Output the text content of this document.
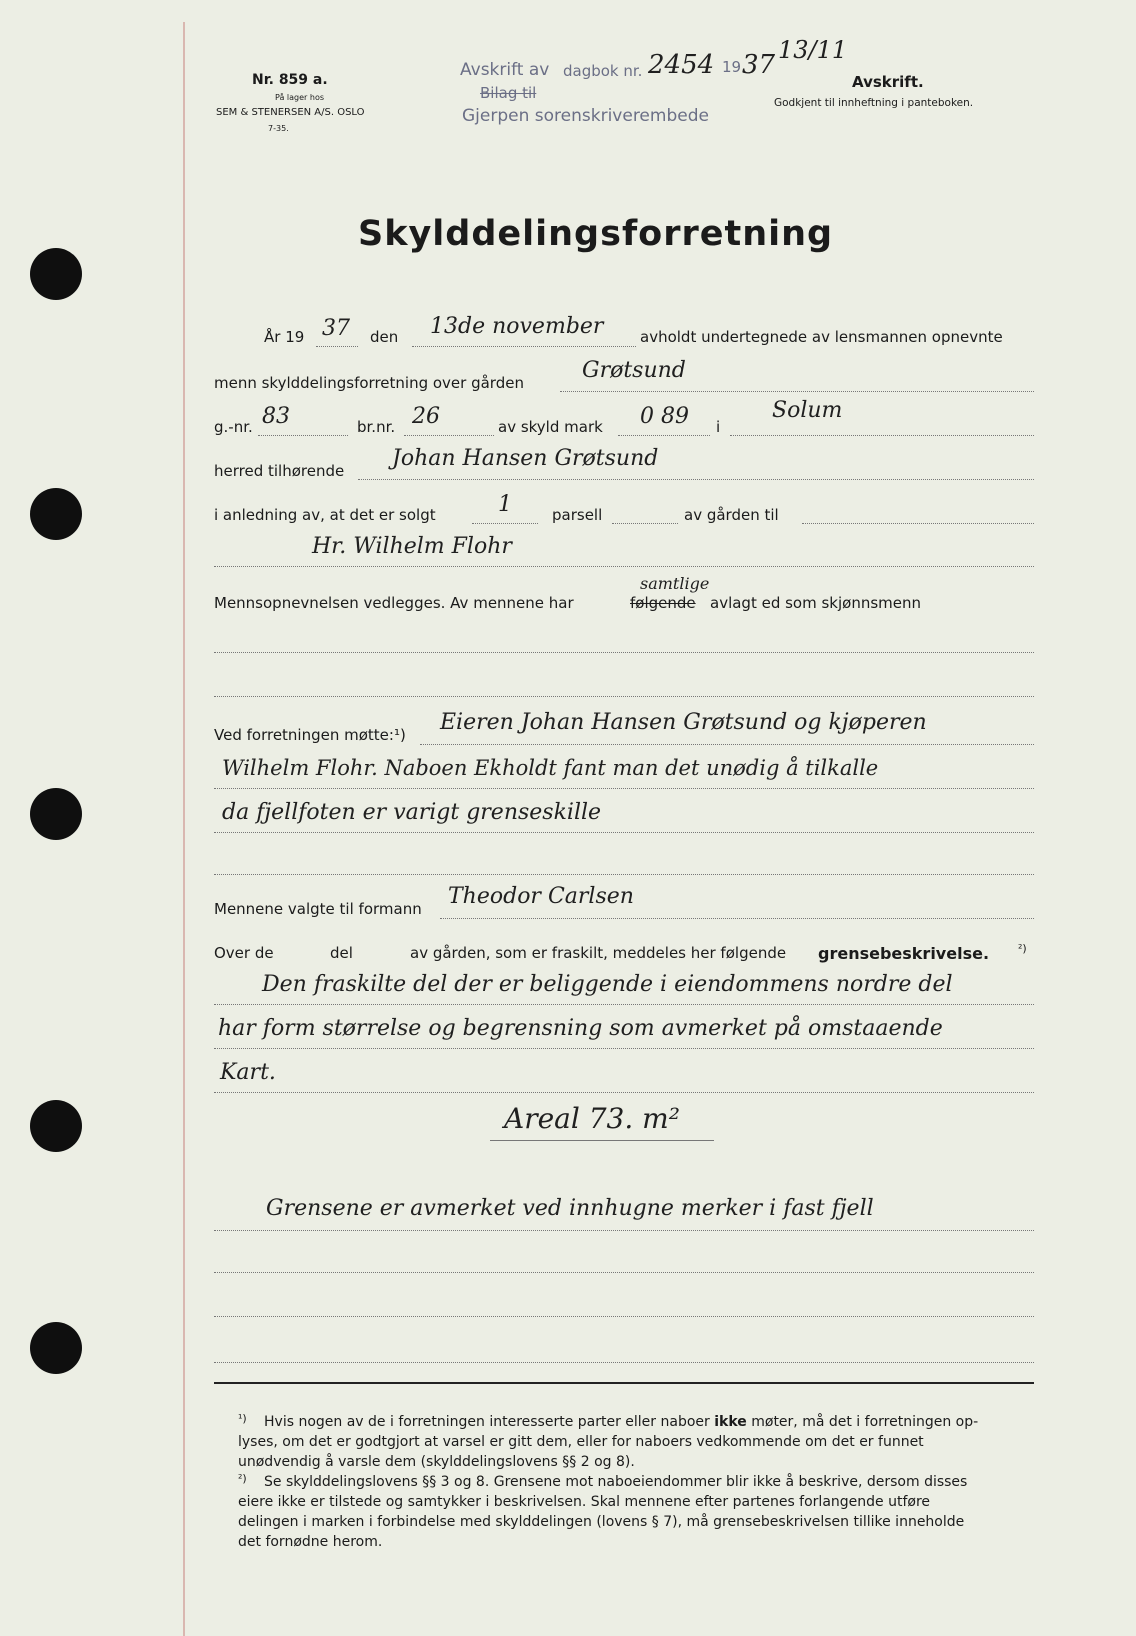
Nr. 859 a.
På lager hos
SEM & STENERSEN A/S. OSLO
7-35.
Avskrift av dagbok nr.
Bilag til
Gjerpen sorenskriverembede
2454 19 37 13/11
Avskrift.
Godkjent til innheftning i panteboken.
Skylddelingsforretning
År 19 37 den 13de november avholdt undertegnede av lensmannen opnevnte
menn skylddelingsforretning over gården	Grøtsund
g.-nr. 83	br.nr. 26	av skyld mark 0 89 i
Solum
herred tilhørende Johan Hansen Grøtsund
i anledning av, at det er solgt	1	parsell	av gården til
Hr. Wilhelm Flohr
samtlige
Mennsopnevnelsen vedlegges. Av mennene har	følgende avlagt ed som skjønnsmenn
Ved forretningen møtte:¹) Eieren Johan Hansen Grøtsund og kjøperen
Wilhelm Flohr. Naboen Ekholdt fant man det unødig å tilkalle
da fjellfoten er varigt grenseskille
Mennene valgte til formann Theodor Carlsen
Over de	del	av gården, som er fraskilt, meddeles her følgende grensebeskrivelse.	²)
Den fraskilte del der er beliggende i eiendommens nordre del
har form størrelse og begrensning som avmerket på omstaaende
Kart.
Areal 73. m²
Grensene er avmerket ved innhugne merker i fast fjell
¹) Hvis nogen av de i forretningen interesserte parter eller naboer ikke møter, må det i forretningen op-
lyses, om det er godtgjort at varsel er gitt dem, eller for naboers vedkommende om det er funnet
unødvendig å varsle dem (skylddelingslovens §§ 2 og 8).
²) Se skylddelingslovens §§ 3 og 8. Grensene mot naboeiendommer blir ikke å beskrive, dersom disses
eiere ikke er tilstede og samtykker i beskrivelsen. Skal mennene efter partenes forlangende utføre
delingen i marken i forbindelse med skylddelingen (lovens § 7), må grensebeskrivelsen tillike inneholde
det fornødne herom.
